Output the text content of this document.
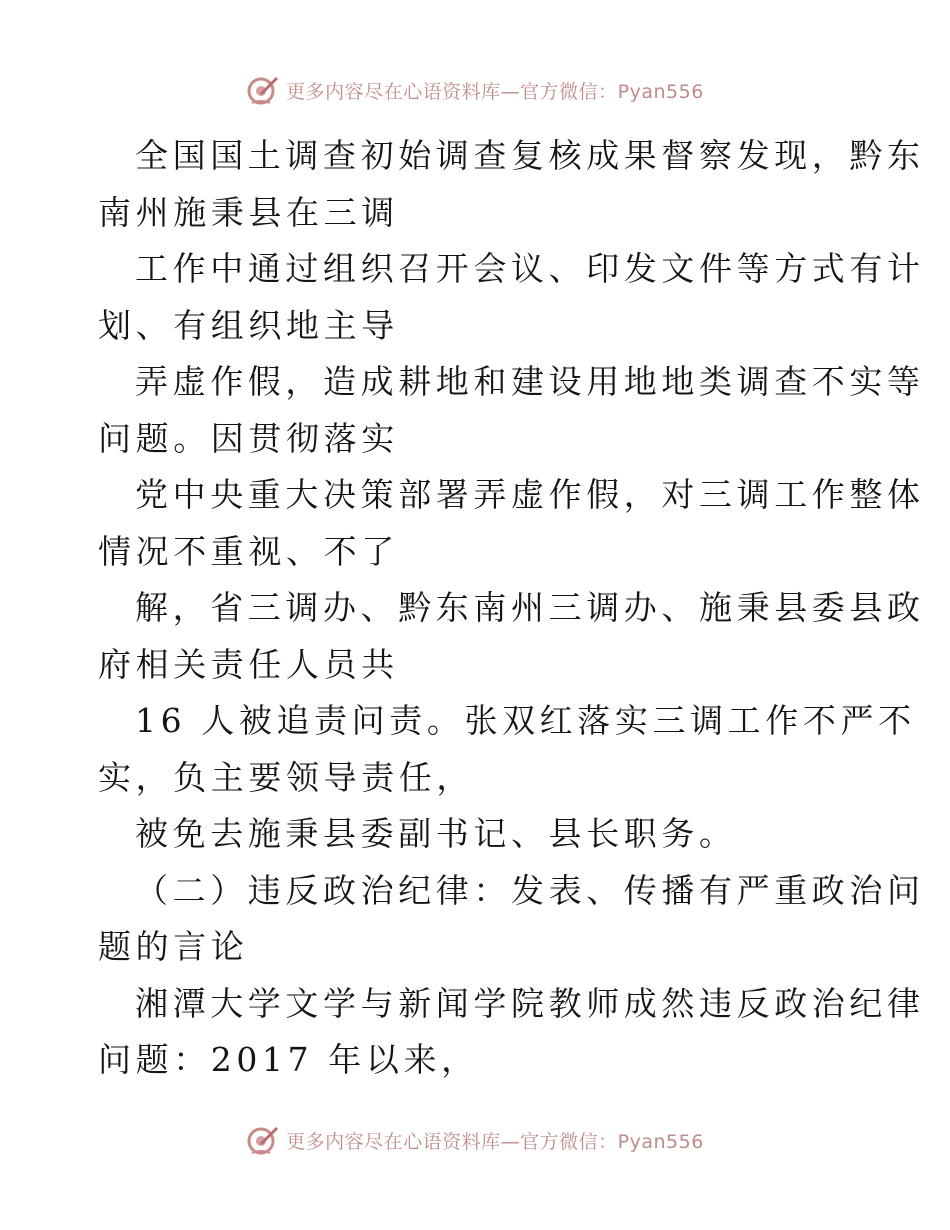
更多内容尽在心语资料库—官方微信：Pyan556
全国国土调查初始调查复核成果督察发现，黔东
南州施秉县在三调
工作中通过组织召开会议、印发文件等方式有计
划、有组织地主导
弄虚作假，造成耕地和建设用地地类调查不实等
问题。因贯彻落实
党中央重大决策部署弄虚作假，对三调工作整体
情况不重视、不了
解，省三调办、黔东南州三调办、施秉县委县政
府相关责任人员共
16 人被追责问责。张双红落实三调工作不严不
实，负主要领导责任，
被免去施秉县委副书记、县长职务。
（二）违反政治纪律：发表、传播有严重政治问
题的言论
湘潭大学文学与新闻学院教师成然违反政治纪律
问题：2017 年以来，
更多内容尽在心语资料库—官方微信：Pyan556
